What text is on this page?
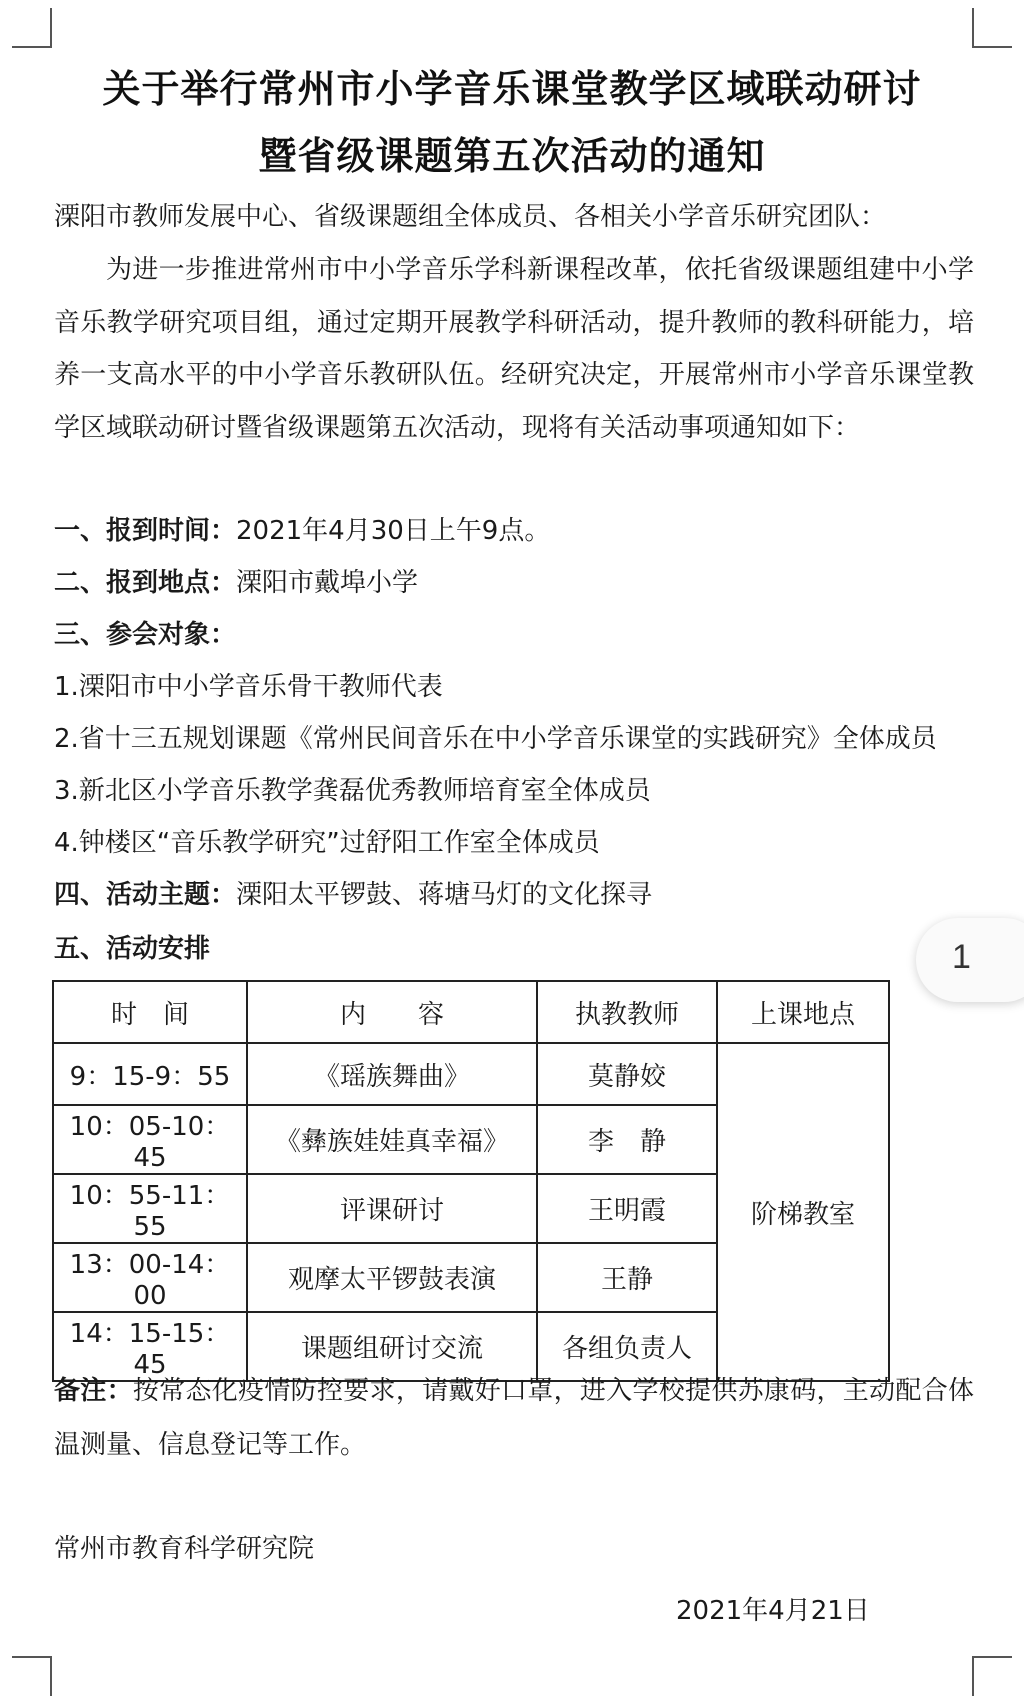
关于举行常州市小学音乐课堂教学区域联动研讨
暨省级课题第五次活动的通知
溧阳市教师发展中心、省级课题组全体成员、各相关小学音乐研究团队：

为进一步推进常州市中小学音乐学科新课程改革，依托省级课题组建中小学音乐教学研究项目组，通过定期开展教学科研活动，提升教师的教科研能力，培养一支高水平的中小学音乐教研队伍。经研究决定，开展常州市小学音乐课堂教学区域联动研讨暨省级课题第五次活动，现将有关活动事项通知如下：

一、报到时间：2021年4月30日上午9点。
二、报到地点：溧阳市戴埠小学
三、参会对象：
1.溧阳市中小学音乐骨干教师代表
2.省十三五规划课题《常州民间音乐在中小学音乐课堂的实践研究》全体成员
3.新北区小学音乐教学龚磊优秀教师培育室全体成员
4.钟楼区“音乐教学研究”过舒阳工作室全体成员
四、活动主题：溧阳太平锣鼓、蒋塘马灯的文化探寻
五、活动安排	1
时　间	内　　容	执教教师	上课地点
9：15-9：55	《瑶族舞曲》	莫静姣	阶梯教室
10：05-10：45	《彝族娃娃真幸福》	李　静	
10：55-11：55	评课研讨	王明霞	
13：00-14：00	观摩太平锣鼓表演	王静	
14：15-15：45	课题组研讨交流	各组负责人	

备注：按常态化疫情防控要求，请戴好口罩，进入学校提供苏康码，主动配合体温测量、信息登记等工作。

常州市教育科学研究院
2021年4月21日
